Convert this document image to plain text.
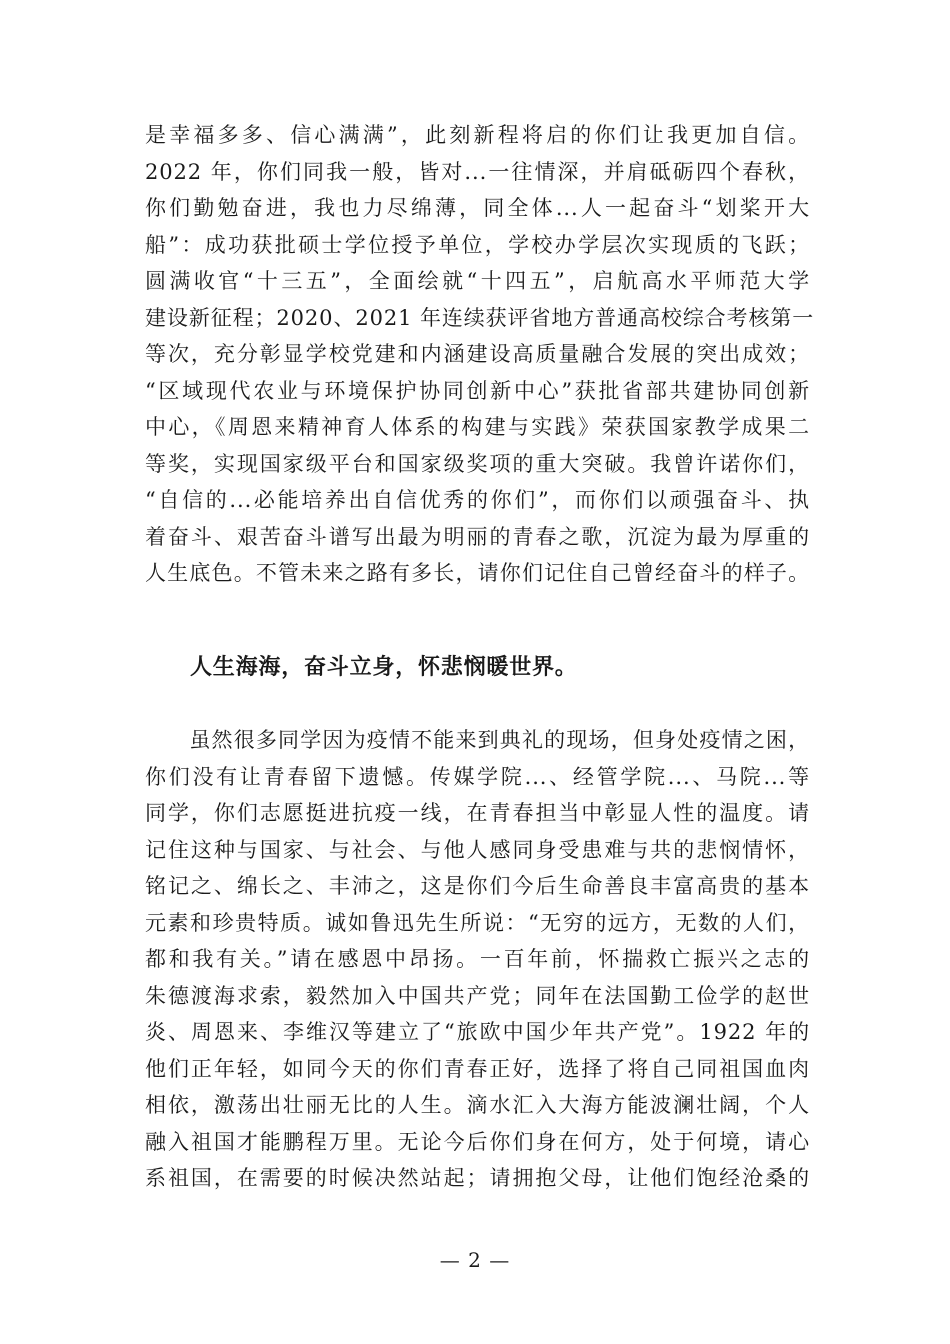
是幸福多多、信心满满”，此刻新程将启的你们让我更加自信。
2022 年，你们同我一般，皆对...一往情深，并肩砥砺四个春秋，
你们勤勉奋进，我也力尽绵薄，同全体...人一起奋斗“划桨开大
船”：成功获批硕士学位授予单位，学校办学层次实现质的飞跃；
圆满收官“十三五”，全面绘就“十四五”，启航高水平师范大学
建设新征程；2020、2021 年连续获评省地方普通高校综合考核第一
等次，充分彰显学校党建和内涵建设高质量融合发展的突出成效；
“区域现代农业与环境保护协同创新中心”获批省部共建协同创新
中心，《周恩来精神育人体系的构建与实践》荣获国家教学成果二
等奖，实现国家级平台和国家级奖项的重大突破。我曾许诺你们，
“自信的...必能培养出自信优秀的你们”，而你们以顽强奋斗、执
着奋斗、艰苦奋斗谱写出最为明丽的青春之歌，沉淀为最为厚重的
人生底色。不管未来之路有多长，请你们记住自己曾经奋斗的样子。
人生海海，奋斗立身，怀悲悯暖世界。
　　虽然很多同学因为疫情不能来到典礼的现场，但身处疫情之困，
你们没有让青春留下遗憾。传媒学院...、经管学院...、马院...等
同学，你们志愿挺进抗疫一线，在青春担当中彰显人性的温度。请
记住这种与国家、与社会、与他人感同身受患难与共的悲悯情怀，
铭记之、绵长之、丰沛之，这是你们今后生命善良丰富高贵的基本
元素和珍贵特质。诚如鲁迅先生所说：“无穷的远方，无数的人们，
都和我有关。”请在感恩中昂扬。一百年前，怀揣救亡振兴之志的
朱德渡海求索，毅然加入中国共产党；同年在法国勤工俭学的赵世
炎、周恩来、李维汉等建立了“旅欧中国少年共产党”。1922 年的
他们正年轻，如同今天的你们青春正好，选择了将自己同祖国血肉
相依，激荡出壮丽无比的人生。滴水汇入大海方能波澜壮阔，个人
融入祖国才能鹏程万里。无论今后你们身在何方，处于何境，请心
系祖国，在需要的时候决然站起；请拥抱父母，让他们饱经沧桑的
— 2 —
